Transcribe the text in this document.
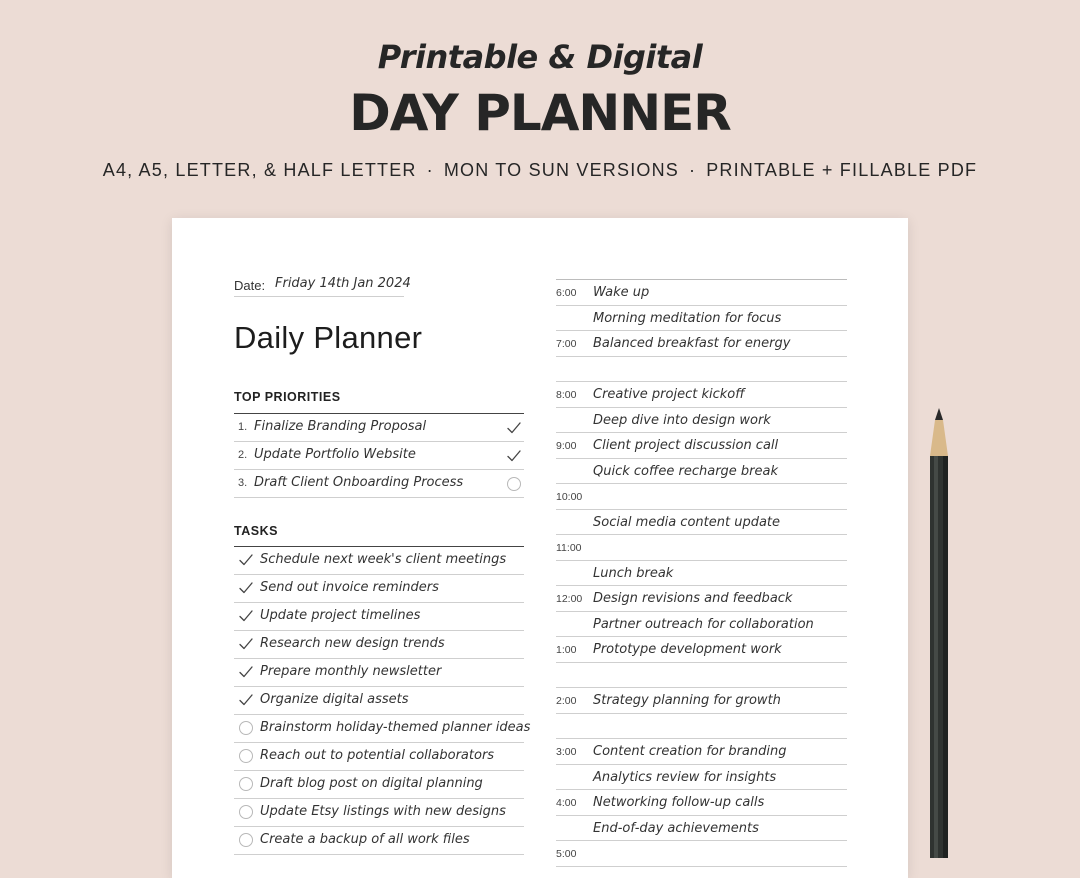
Printable & Digital
DAY PLANNER
A4, A5, LETTER, & HALF LETTER · MON TO SUN VERSIONS · PRINTABLE + FILLABLE PDF
Date: Friday 14th Jan 2024
Daily Planner
TOP PRIORITIES
1. Finalize Branding Proposal
2. Update Portfolio Website
3. Draft Client Onboarding Process
TASKS
Schedule next week's client meetings
Send out invoice reminders
Update project timelines
Research new design trends
Prepare monthly newsletter
Organize digital assets
Brainstorm holiday-themed planner ideas
Reach out to potential collaborators
Draft blog post on digital planning
Update Etsy listings with new designs
Create a backup of all work files
6:00 Wake up
Morning meditation for focus
7:00 Balanced breakfast for energy
8:00 Creative project kickoff
Deep dive into design work
9:00 Client project discussion call
Quick coffee recharge break
10:00
Social media content update
11:00
Lunch break
12:00 Design revisions and feedback
Partner outreach for collaboration
1:00 Prototype development work
2:00 Strategy planning for growth
3:00 Content creation for branding
Analytics review for insights
4:00 Networking follow-up calls
End-of-day achievements
5:00
